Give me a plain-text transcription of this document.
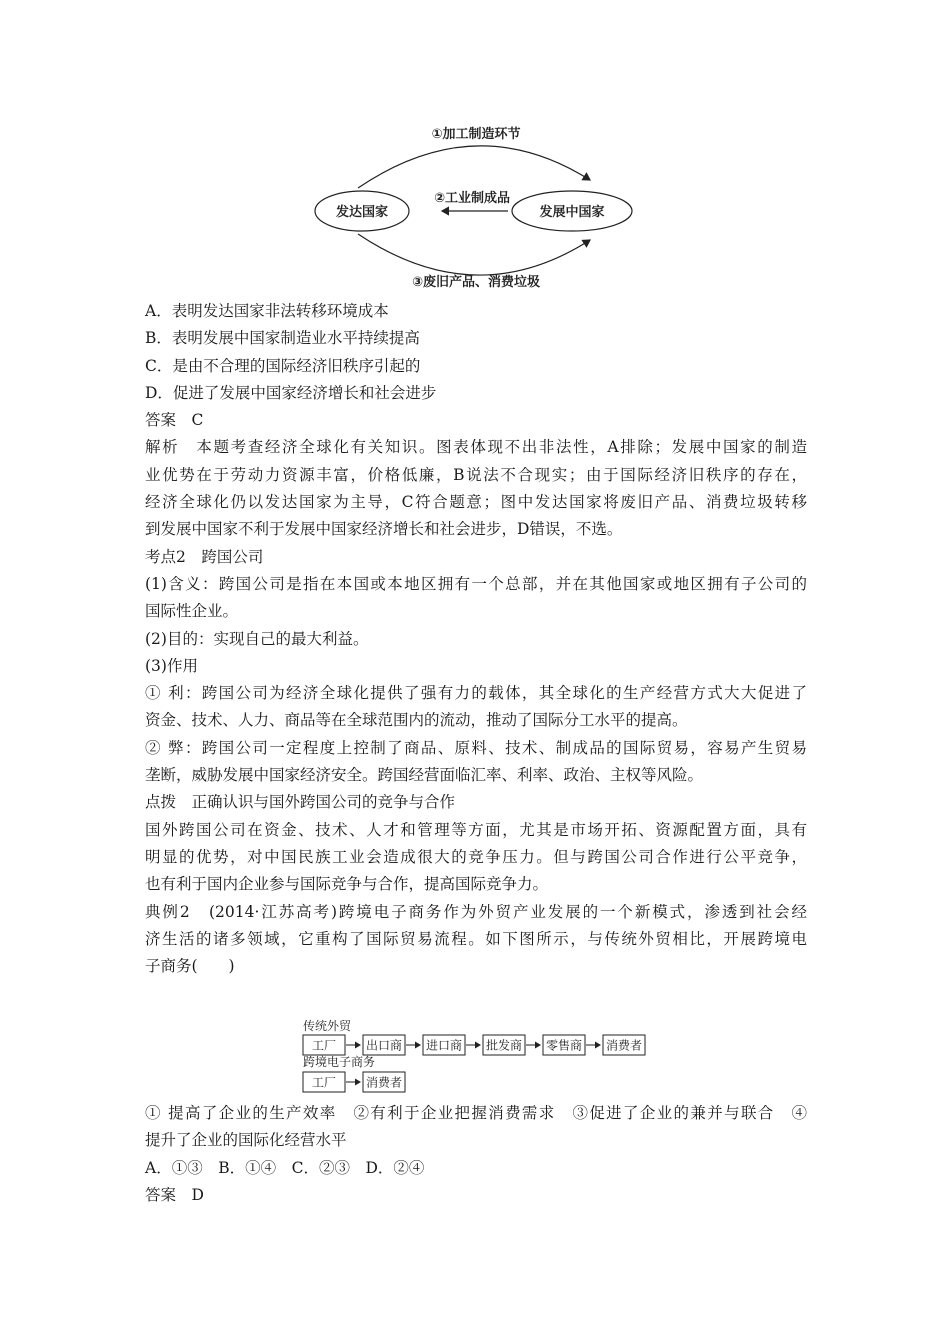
①加工制造环节
发达国家	发展中国家
②工业制成品
③废旧产品、消费垃圾
A．表明发达国家非法转移环境成本
B．表明发展中国家制造业水平持续提高
C．是由不合理的国际经济旧秩序引起的
D．促进了发展中国家经济增长和社会进步
答案　C
解析　本题考查经济全球化有关知识。图表体现不出非法性，A排除；发展中国家的制造
业优势在于劳动力资源丰富，价格低廉，B说法不合现实；由于国际经济旧秩序的存在，
经济全球化仍以发达国家为主导，C符合题意；图中发达国家将废旧产品、消费垃圾转移
到发展中国家不利于发展中国家经济增长和社会进步，D错误，不选。
考点2　跨国公司
(1)含义：跨国公司是指在本国或本地区拥有一个总部，并在其他国家或地区拥有子公司的
国际性企业。
(2)目的：实现自己的最大利益。
(3)作用
① 利：跨国公司为经济全球化提供了强有力的载体，其全球化的生产经营方式大大促进了
资金、技术、人力、商品等在全球范围内的流动，推动了国际分工水平的提高。
② 弊：跨国公司一定程度上控制了商品、原料、技术、制成品的国际贸易，容易产生贸易
垄断，威胁发展中国家经济安全。跨国经营面临汇率、利率、政治、主权等风险。
点拨　正确认识与国外跨国公司的竞争与合作
国外跨国公司在资金、技术、人才和管理等方面，尤其是市场开拓、资源配置方面，具有
明显的优势，对中国民族工业会造成很大的竞争压力。但与跨国公司合作进行公平竞争，
也有利于国内企业参与国际竞争与合作，提高国际竞争力。
典例2　(2014·江苏高考)跨境电子商务作为外贸产业发展的一个新模式，渗透到社会经
济生活的诸多领域，它重构了国际贸易流程。如下图所示，与传统外贸相比，开展跨境电
子商务(　　)
传统外贸
工厂 出口商 进口商 批发商 零售商 消费者
跨境电子商务
工厂 消费者
① 提高了企业的生产效率　②有利于企业把握消费需求　③促进了企业的兼并与联合　④
提升了企业的国际化经营水平
A．①③　B．①④　C．②③　D．②④
答案　D
